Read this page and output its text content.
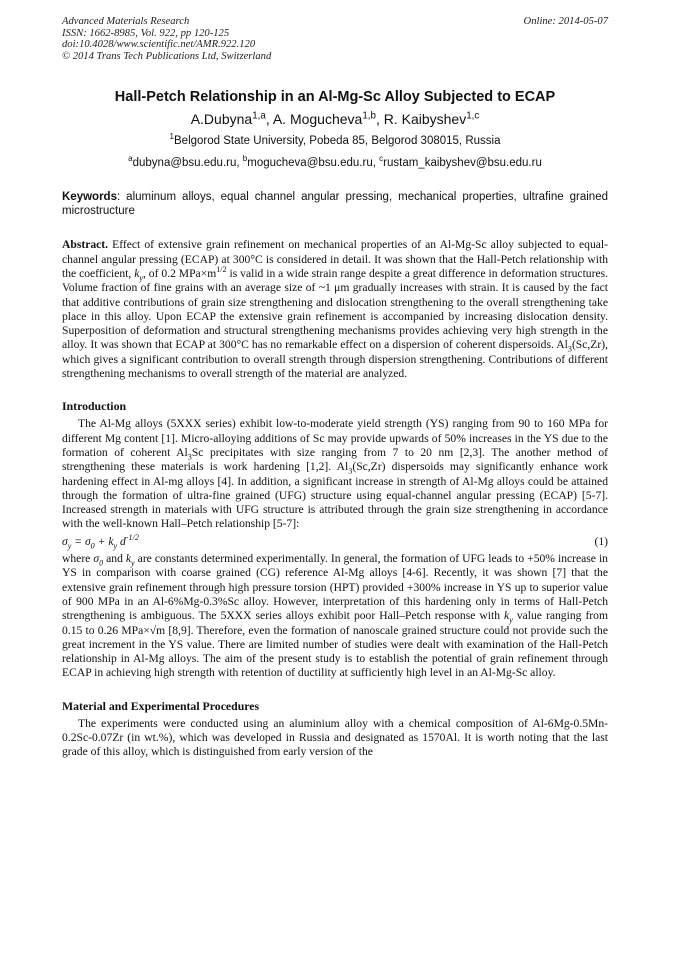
Advanced Materials Research
ISSN: 1662-8985, Vol. 922, pp 120-125
doi:10.4028/www.scientific.net/AMR.922.120
© 2014 Trans Tech Publications Ltd, Switzerland
Online: 2014-05-07
Hall-Petch Relationship in an Al-Mg-Sc Alloy Subjected to ECAP
A.Dubyna$^{1,a}$, A. Mogucheva$^{1,b}$, R. Kaibyshev$^{1,c}$
$^1$Belgorod State University, Pobeda 85, Belgorod 308015, Russia
$^a$dubyna@bsu.edu.ru, $^b$mogucheva@bsu.edu.ru, $^c$rustam_kaibyshev@bsu.edu.ru
Keywords: aluminum alloys, equal channel angular pressing, mechanical properties, ultrafine grained microstructure
Abstract. Effect of extensive grain refinement on mechanical properties of an Al-Mg-Sc alloy subjected to equal-channel angular pressing (ECAP) at 300°C is considered in detail. It was shown that the Hall-Petch relationship with the coefficient, $k_y$, of 0.2 $MPa\times m^{1/2}$ is valid in a wide strain range despite a great difference in deformation structures. Volume fraction of fine grains with an average size of ~1 μm gradually increases with strain. It is caused by the fact that additive contributions of grain size strengthening and dislocation strengthening to the overall strengthening take place in this alloy. Upon ECAP the extensive grain refinement is accompanied by increasing dislocation density. Superposition of deformation and structural strengthening mechanisms provides achieving very high strength in the alloy. It was shown that ECAP at 300°C has no remarkable effect on a dispersion of coherent dispersoids. $Al_3(Sc,Zr)$, which gives a significant contribution to overall strength through dispersion strengthening. Contributions of different strengthening mechanisms to overall strength of the material are analyzed.
Introduction

The Al-Mg alloys (5XXX series) exhibit low-to-moderate yield strength (YS) ranging from 90 to 160 MPa for different Mg content [1]. Micro-alloying additions of Sc may provide upwards of 50% increases in the YS due to the formation of coherent $Al_3Sc$ precipitates with size ranging from 7 to 20 nm [2,3]. The another method of strengthening these materials is work hardening [1,2]. $Al_3(Sc,Zr)$ dispersoids may significantly enhance work hardening effect in Al-mg alloys [4]. In addition, a significant increase in strength of Al-Mg alloys could be attained through the formation of ultra-fine grained (UFG) structure using equal-channel angular pressing (ECAP) [5-7]. Increased strength in materials with UFG structure is attributed through the grain size strengthening in accordance with the well-known Hall–Petch relationship [5-7]:

$\sigma_y = \sigma_0 + k_y$ $d^{-1/2}$	(1)

where $\sigma_0$ and $k_y$ are constants determined experimentally. In general, the formation of UFG leads to +50% increase in YS in comparison with coarse grained (CG) reference Al-Mg alloys [4-6]. Recently, it was shown [7] that the extensive grain refinement through high pressure torsion (HPT) provided +300% increase in YS up to superior value of 900 MPa in an Al-6%Mg-0.3%Sc alloy. However, interpretation of this hardening only in terms of Hall-Petch strengthening is ambiguous. The 5XXX series alloys exhibit poor Hall–Petch response with $k_y$ value ranging from 0.15 to 0.26 MPa×√m [8,9]. Therefore, even the formation of nanoscale grained structure could not provide such the great increment in the YS value. There are limited number of studies were dealt with examination of the Hall-Petch relationship in Al-Mg alloys. The aim of the present study is to establish the potential of grain refinement through ECAP in achieving high strength with retention of ductility at sufficiently high level in an Al-Mg-Sc alloy.

Material and Experimental Procedures

The experiments were conducted using an aluminium alloy with a chemical composition of Al-6Mg-0.5Mn-0.2Sc-0.07Zr (in wt.%), which was developed in Russia and designated as 1570Al. It is worth noting that the last grade of this alloy, which is distinguished from early version of the
